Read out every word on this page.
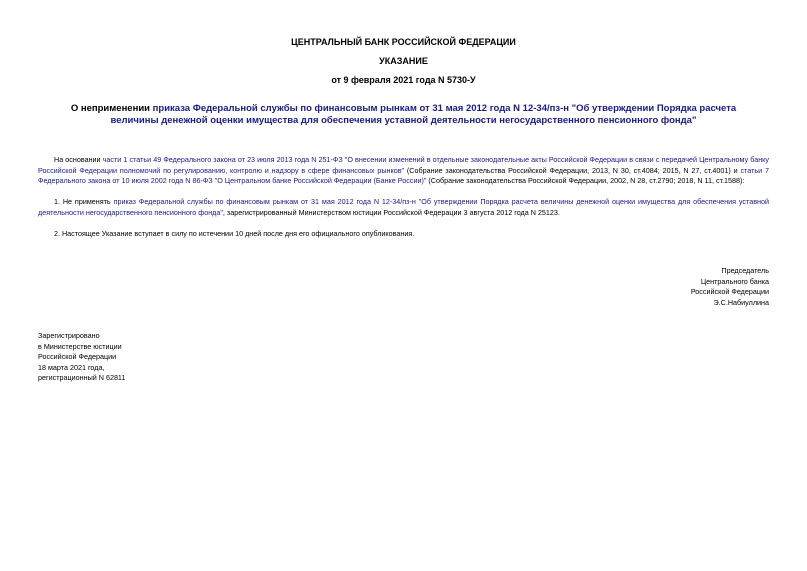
ЦЕНТРАЛЬНЫЙ БАНК РОССИЙСКОЙ ФЕДЕРАЦИИ
УКАЗАНИЕ
от 9 февраля 2021 года N 5730-У
О неприменении приказа Федеральной службы по финансовым рынкам от 31 мая 2012 года N 12-34/пз-н "Об утверждении Порядка расчета величины денежной оценки имущества для обеспечения уставной деятельности негосударственного пенсионного фонда"
На основании части 1 статьи 49 Федерального закона от 23 июля 2013 года N 251-ФЗ "О внесении изменений в отдельные законодательные акты Российской Федерации в связи с передачей Центральному банку Российской Федерации полномочий по регулированию, контролю и надзору в сфере финансовых рынков" (Собрание законодательства Российской Федерации, 2013, N 30, ст.4084; 2015, N 27, ст.4001) и статьи 7 Федерального закона от 10 июля 2002 года N 86-ФЗ "О Центральном банке Российской Федерации (Банке России)" (Собрание законодательства Российской Федерации, 2002, N 28, ст.2790; 2018, N 11, ст.1588):
1. Не применять приказ Федеральной службы по финансовым рынкам от 31 мая 2012 года N 12-34/пз-н "Об утверждении Порядка расчета величины денежной оценки имущества для обеспечения уставной деятельности негосударственного пенсионного фонда", зарегистрированный Министерством юстиции Российской Федерации 3 августа 2012 года N 25123.
2. Настоящее Указание вступает в силу по истечении 10 дней после дня его официального опубликования.
Председатель
Центрального банка
Российской Федерации
Э.С.Набиуллина
Зарегистрировано
в Министерстве юстиции
Российской Федерации
18 марта 2021 года,
регистрационный N 62811
